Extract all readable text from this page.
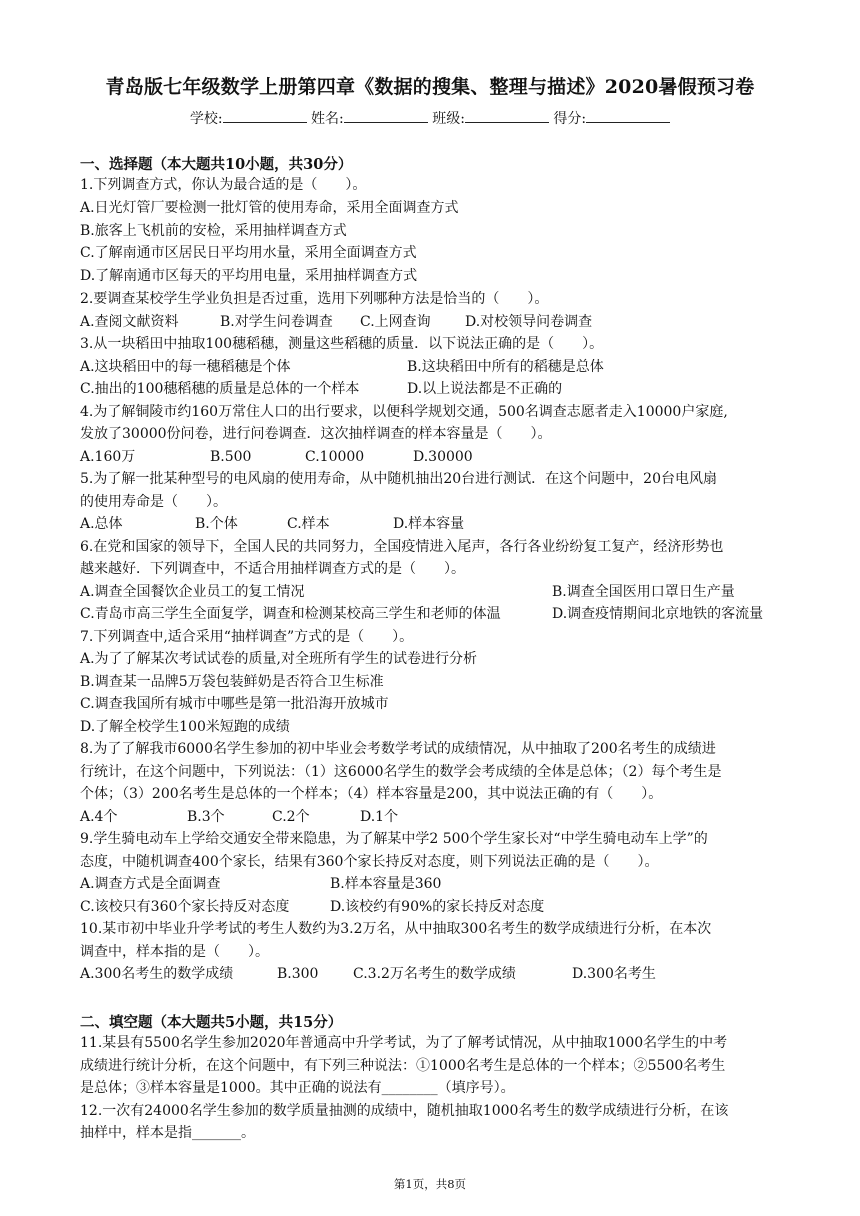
青岛版七年级数学上册第四章《数据的搜集、整理与描述》2020暑假预习卷
学校:	姓名:	班级:	得分:
一、选择题（本大题共10小题，共30分）
1.下列调查方式，你认为最合适的是（　　）。
A.日光灯管厂要检测一批灯管的使用寿命，采用全面调查方式
B.旅客上飞机前的安检，采用抽样调查方式
C.了解南通市区居民日平均用水量，采用全面调查方式
D.了解南通市区每天的平均用电量，采用抽样调查方式
2.要调查某校学生学业负担是否过重，选用下列哪种方法是恰当的（　　）。
A.查阅文献资料	B.对学生问卷调查 C.上网查询 D.对校领导问卷调查
3.从一块稻田中抽取100穗稻穗，测量这些稻穗的质量．以下说法正确的是（　　）。
A.这块稻田中的每一穗稻穗是个体	B.这块稻田中所有的稻穗是总体
C.抽出的100穗稻穗的质量是总体的一个样本	D.以上说法都是不正确的
4.为了解铜陵市约160万常住人口的出行要求，以便科学规划交通，500名调查志愿者走入10000户家庭,
发放了30000份问卷，进行问卷调查．这次抽样调查的样本容量是（　　）。
A.160万	B.500	C.10000	D.30000
5.为了解一批某种型号的电风扇的使用寿命，从中随机抽出20台进行测试．在这个问题中，20台电风扇
的使用寿命是（　　）。
A.总体	B.个体	C.样本	D.样本容量
6.在党和国家的领导下，全国人民的共同努力，全国疫情进入尾声，各行各业纷纷复工复产，经济形势也
越来越好．下列调查中，不适合用抽样调查方式的是（　　）。
A.调查全国餐饮企业员工的复工情况	B.调查全国医用口罩日生产量
C.青岛市高三学生全面复学，调查和检测某校高三学生和老师的体温	D.调查疫情期间北京地铁的客流量
7.下列调查中,适合采用“抽样调查”方式的是（　　）。
A.为了了解某次考试试卷的质量,对全班所有学生的试卷进行分析
B.调查某一品牌5万袋包装鲜奶是否符合卫生标准
C.调查我国所有城市中哪些是第一批沿海开放城市
D.了解全校学生100米短跑的成绩
8.为了了解我市6000名学生参加的初中毕业会考数学考试的成绩情况，从中抽取了200名考生的成绩进
行统计，在这个问题中，下列说法：（1）这6000名学生的数学会考成绩的全体是总体；（2）每个考生是
个体；（3）200名考生是总体的一个样本；（4）样本容量是200，其中说法正确的有（　　）。
A.4个	B.3个	C.2个	D.1个
9.学生骑电动车上学给交通安全带来隐患，为了解某中学2 500个学生家长对“中学生骑电动车上学”的
态度，中随机调查400个家长，结果有360个家长持反对态度，则下列说法正确的是（　　）。
A.调查方式是全面调查	B.样本容量是360
C.该校只有360个家长持反对态度	D.该校约有90%的家长持反对态度
10.某市初中毕业升学考试的考生人数约为3.2万名，从中抽取300名考生的数学成绩进行分析，在本次
调查中，样本指的是（　　）。
A.300名考生的数学成绩	B.300 C.3.2万名考生的数学成绩	D.300名考生
二、填空题（本大题共5小题，共15分）
11.某县有5500名学生参加2020年普通高中升学考试，为了了解考试情况，从中抽取1000名学生的中考
成绩进行统计分析，在这个问题中，有下列三种说法：①1000名考生是总体的一个样本；②5500名考生
是总体；③样本容量是1000。其中正确的说法有________（填序号）。
12.一次有24000名学生参加的数学质量抽测的成绩中，随机抽取1000名考生的数学成绩进行分析，在该
抽样中，样本是指_______。
第1页，共8页
